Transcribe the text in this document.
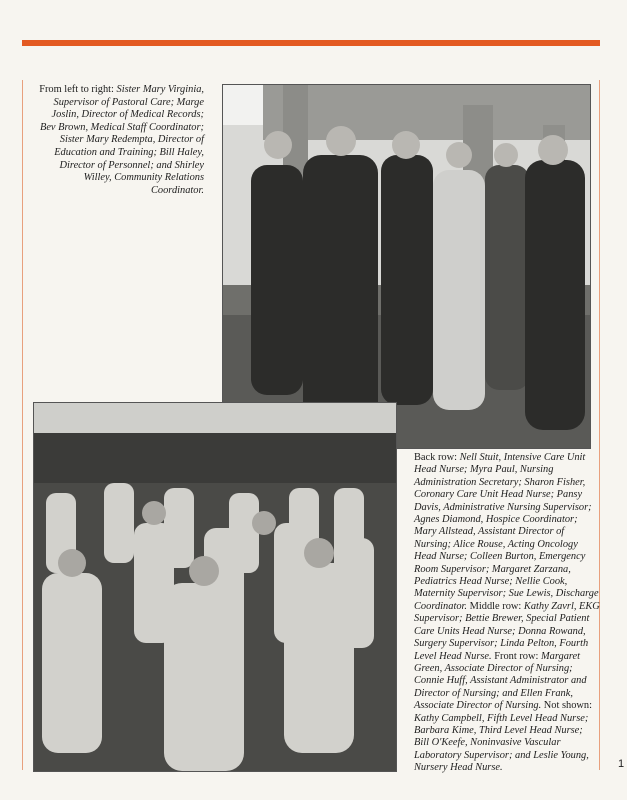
From left to right: Sister Mary Virginia, Supervisor of Pastoral Care; Marge Joslin, Director of Medical Records; Bev Brown, Medical Staff Coordinator; Sister Mary Redempta, Director of Education and Training; Bill Haley, Director of Personnel; and Shirley Willey, Community Relations Coordinator.
Back row: Nell Stuit, Intensive Care Unit Head Nurse; Myra Paul, Nursing Administration Secretary; Sharon Fisher, Coronary Care Unit Head Nurse; Pansy Davis, Administrative Nursing Supervisor; Agnes Diamond, Hospice Coordinator; Mary Allstead, Assistant Director of Nursing; Alice Rouse, Acting Oncology Head Nurse; Colleen Burton, Emergency Room Supervisor; Margaret Zarzana, Pediatrics Head Nurse; Nellie Cook, Maternity Supervisor; Sue Lewis, Discharge Coordinator. Middle row: Kathy Zavrl, EKG Supervisor; Bettie Brewer, Special Patient Care Units Head Nurse; Donna Rowand, Surgery Supervisor; Linda Pelton, Fourth Level Head Nurse. Front row: Margaret Green, Associate Director of Nursing; Connie Huff, Assistant Administrator and Director of Nursing; and Ellen Frank, Associate Director of Nursing. Not shown: Kathy Campbell, Fifth Level Head Nurse; Barbara Kime, Third Level Head Nurse; Bill O'Keefe, Noninvasive Vascular Laboratory Supervisor; and Leslie Young, Nursery Head Nurse.	1
